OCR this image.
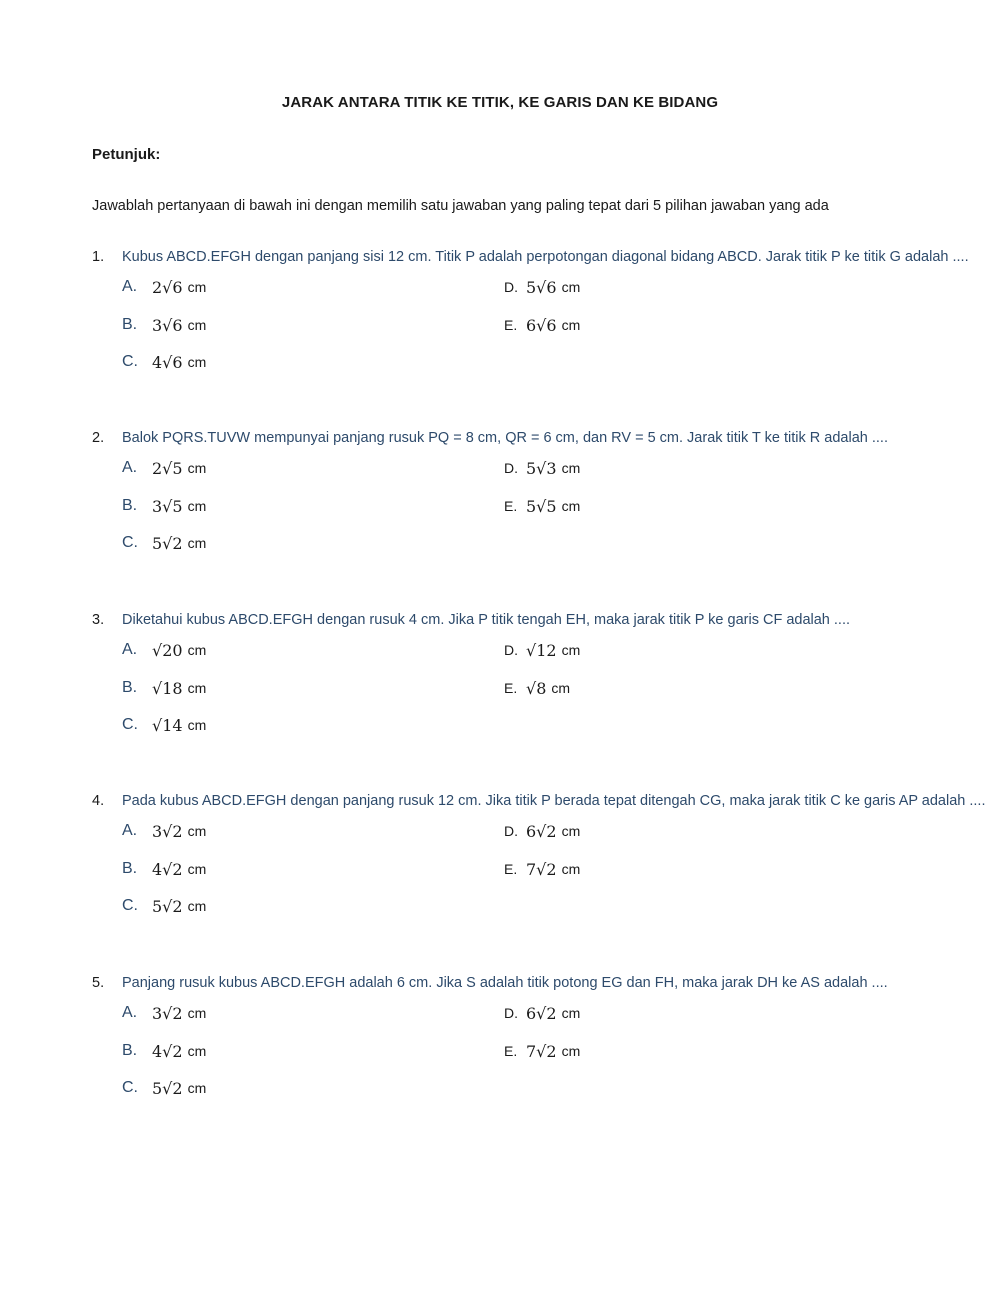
JARAK ANTARA TITIK KE TITIK, KE GARIS DAN KE BIDANG
Petunjuk:
Jawablah pertanyaan di bawah ini dengan memilih satu jawaban yang paling tepat dari 5 pilihan jawaban yang ada
1. Kubus ABCD.EFGH dengan panjang sisi 12 cm. Titik P adalah perpotongan diagonal bidang ABCD. Jarak titik P ke titik G adalah ....
A. 2√6 cm
B. 3√6 cm
C. 4√6 cm
D. 5√6 cm
E. 6√6 cm
2. Balok PQRS.TUVW mempunyai panjang rusuk PQ = 8 cm, QR = 6 cm, dan RV = 5 cm. Jarak titik T ke titik R adalah ....
A. 2√5 cm
B. 3√5 cm
C. 5√2 cm
D. 5√3 cm
E. 5√5 cm
3. Diketahui kubus ABCD.EFGH dengan rusuk 4 cm. Jika P titik tengah EH, maka jarak titik P ke garis CF adalah ....
A. √20 cm
B. √18 cm
C. √14 cm
D. √12 cm
E. √8 cm
4. Pada kubus ABCD.EFGH dengan panjang rusuk 12 cm. Jika titik P berada tepat ditengah CG, maka jarak titik C ke garis AP adalah ....
A. 3√2 cm
B. 4√2 cm
C. 5√2 cm
D. 6√2 cm
E. 7√2 cm
5. Panjang rusuk kubus ABCD.EFGH adalah 6 cm. Jika S adalah titik potong EG dan FH, maka jarak DH ke AS adalah ....
A. 3√2 cm
B. 4√2 cm
C. 5√2 cm
D. 6√2 cm
E. 7√2 cm
